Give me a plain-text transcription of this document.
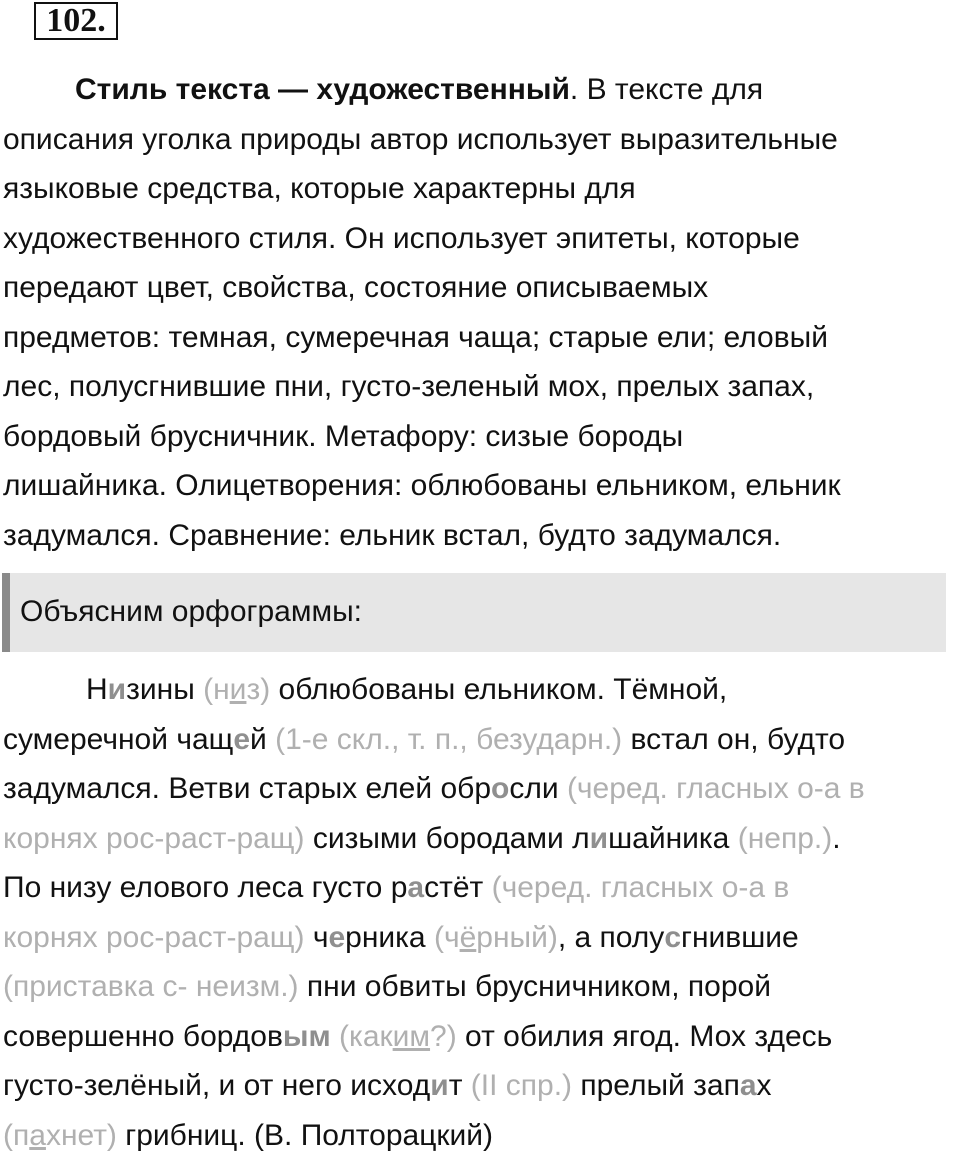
102.
Стиль текста — художественный. В тексте для
описания уголка природы автор использует выразительные
языковые средства, которые характерны для
художественного стиля. Он использует эпитеты, которые
передают цвет, свойства, состояние описываемых
предметов: темная, сумеречная чаща; старые ели; еловый
лес, полусгнившие пни, густо-зеленый мох, прелых запах,
бордовый брусничник. Метафору: сизые бороды
лишайника. Олицетворения: облюбованы ельником, ельник
задумался. Сравнение: ельник встал, будто задумался.
Объясним орфограммы:
Низины (низ) облюбованы ельником. Тёмной,
сумеречной чащей (1-е скл., т. п., безударн.) встал он, будто
задумался. Ветви старых елей обросли (черед. гласных о-а в
корнях рос-раст-ращ) сизыми бородами лишайника (непр.).
По низу елового леса густо растёт (черед. гласных о-а в
корнях рос-раст-ращ) черника (чёрный), а полусгнившие
(приставка с- неизм.) пни обвиты брусничником, порой
совершенно бордовым (каким?) от обилия ягод. Мох здесь
густо-зелёный, и от него исходит (II спр.) прелый запах
(пахнет) грибниц. (В. Полторацкий)
